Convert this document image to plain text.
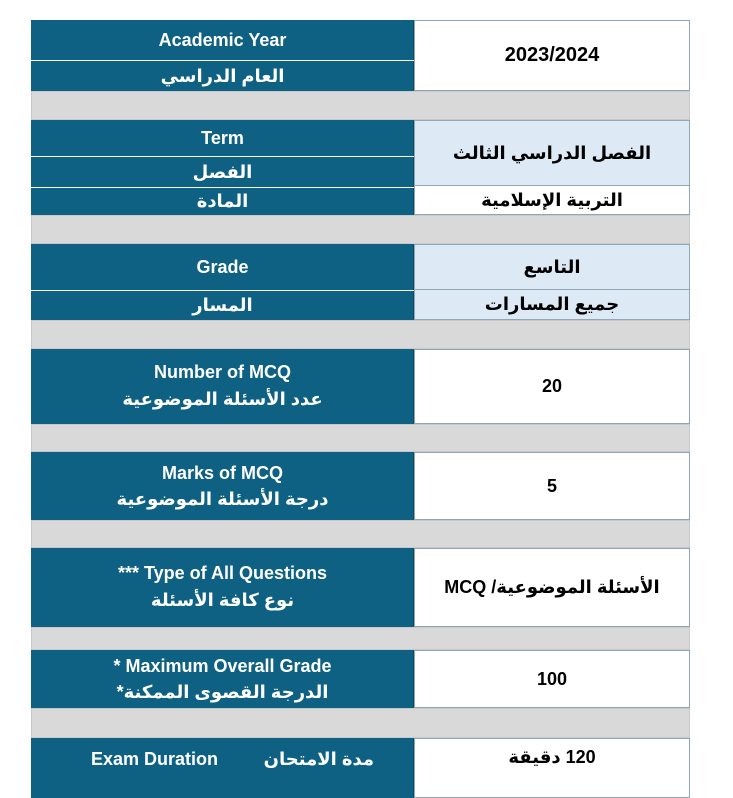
Academic Year
العام الدراسي
2023/2024
Term
الفصل
المادة
الفصل الدراسي الثالث
التربية الإسلامية
Grade
المسار
التاسع
جميع المسارات
Number of MCQ
عدد الأسئلة الموضوعية
20
Marks of MCQ
درجة الأسئلة الموضوعية
5
*** Type of All Questions
نوع كافة الأسئلة
الأسئلة الموضوعية/ MCQ
* Maximum Overall Grade
*الدرجة القصوى الممكنة
100
Exam Duration	مدة الامتحان	120 دقيقة
